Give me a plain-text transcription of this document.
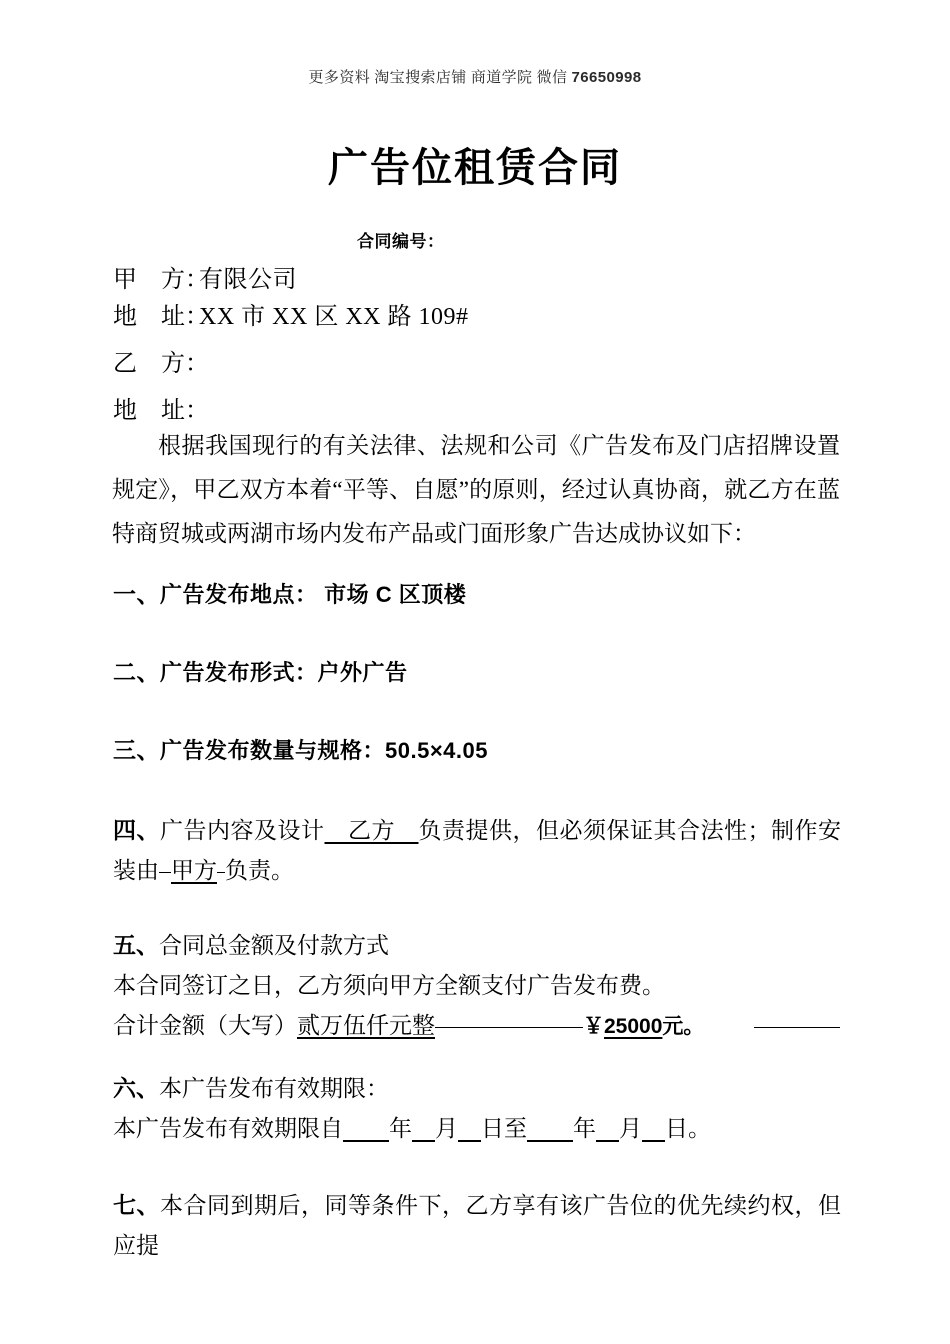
更多资料 淘宝搜索店铺 商道学院 微信 76650998
广告位租赁合同
合同编号：
甲　方：有限公司
地　址：XX 市 XX 区 XX 路 109#
乙　方：
地　址：
根据我国现行的有关法律、法规和公司《广告发布及门店招牌设置规定》，甲乙双方本着“平等、自愿”的原则，经过认真协商，就乙方在蓝特商贸城或两湖市场内发布产品或门面形象广告达成协议如下：
一、广告发布地点： 市场 C 区顶楼
二、广告发布形式：户外广告
三、广告发布数量与规格：50.5×4.05
四、广告内容及设计　乙方　负责提供，但必须保证其合法性；制作安装由 甲方 负责。
五、合同总金额及付款方式
本合同签订之日，乙方须向甲方全额支付广告发布费。
合计金额（大写）贰万伍仟元整	￥25000元。
六、本广告发布有效期限：
本广告发布有效期限自　　 年　 月　 日至　　 年　 月　 日。
七、本合同到期后，同等条件下，乙方享有该广告位的优先续约权，但应提
